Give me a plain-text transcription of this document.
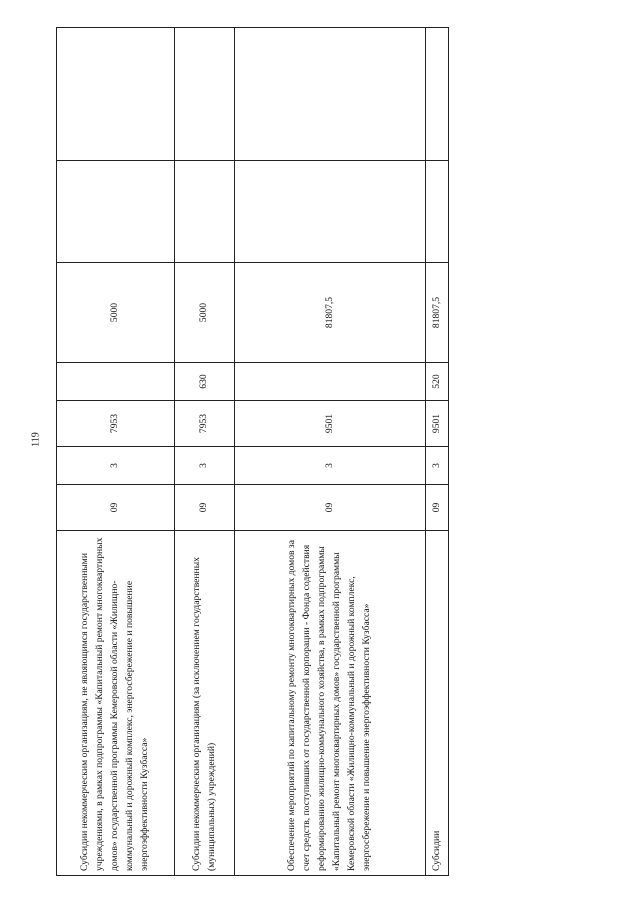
119
Субсидии некоммерческим организациям, не являющимся государственными учреждениями, в рамках подпрограммы «Капитальный ремонт многоквартирных домов» государственной программы Кемеровской области «Жилищно-коммунальный и дорожный комплекс, энергосбережение и повышение энергоэффективности Кузбасса»	09	3	7953		5000		
Субсидии некоммерческим организациям (за исключением государственных (муниципальных) учреждений)	09	3	7953	630	5000		
Обеспечение мероприятий по капитальному ремонту многоквартирных домов за счет средств, поступивших от государственной корпорации - Фонда содействия реформированию жилищно-коммунального хозяйства, в рамках подпрограммы «Капитальный ремонт многоквартирных домов» государственной программы Кемеровской области «Жилищно-коммунальный и дорожный комплекс, энергосбережение и повышение энергоэффективности Кузбасса»	09	3	9501		81807,5		
Субсидии	09	3	9501	520	81807,5		
